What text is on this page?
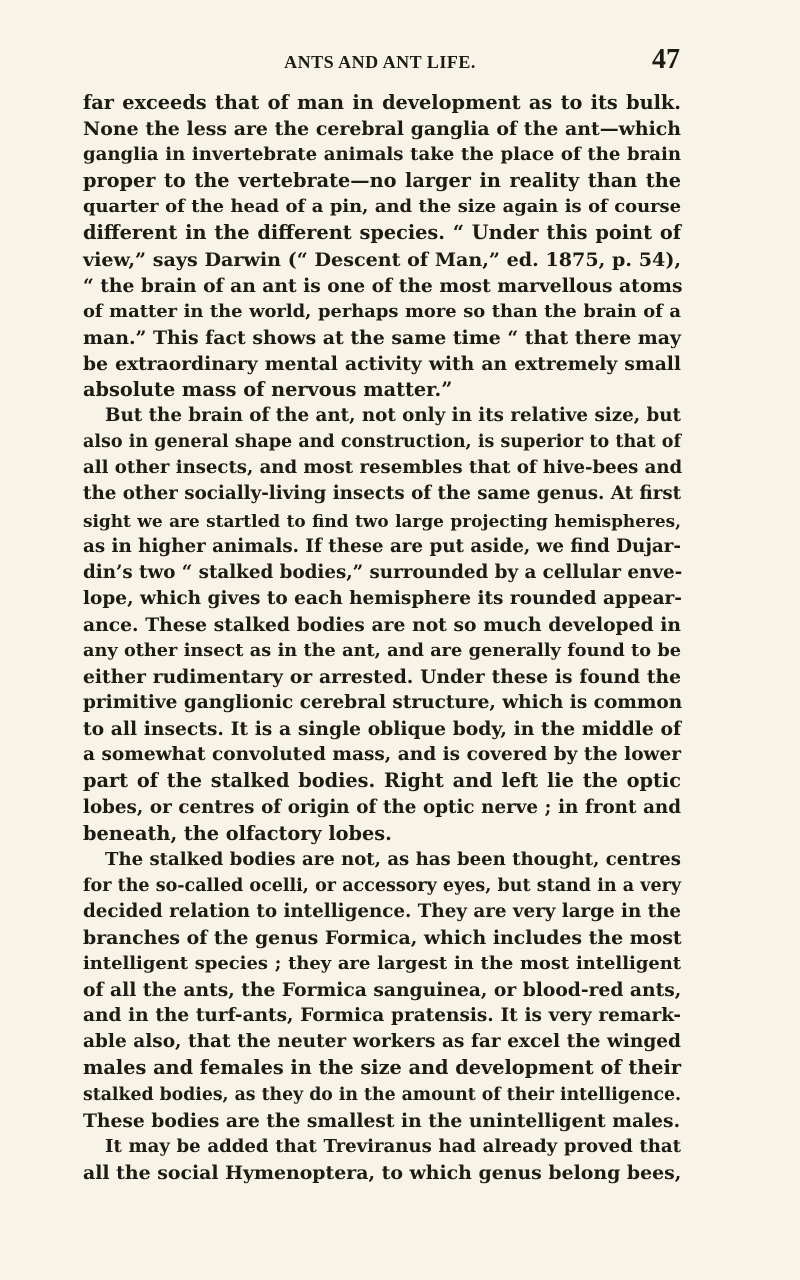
ANTS AND ANT LIFE.	47
far exceeds that of man in development as to its bulk.
None the less are the cerebral ganglia of the ant—which
ganglia in invertebrate animals take the place of the brain
proper to the vertebrate—no larger in reality than the
quarter of the head of a pin, and the size again is of course
different in the different species. “ Under this point of
view,” says Darwin (“ Descent of Man,” ed. 1875, p. 54),
“ the brain of an ant is one of the most marvellous atoms
of matter in the world, perhaps more so than the brain of a
man.” This fact shows at the same time “ that there may
be extraordinary mental activity with an extremely small
absolute mass of nervous matter.”
But the brain of the ant, not only in its relative size, but
also in general shape and construction, is superior to that of
all other insects, and most resembles that of hive-bees and
the other socially-living insects of the same genus. At first
sight we are startled to find two large projecting hemispheres,
as in higher animals. If these are put aside, we find Dujar-
din’s two “ stalked bodies,” surrounded by a cellular enve-
lope, which gives to each hemisphere its rounded appear-
ance. These stalked bodies are not so much developed in
any other insect as in the ant, and are generally found to be
either rudimentary or arrested. Under these is found the
primitive ganglionic cerebral structure, which is common
to all insects. It is a single oblique body, in the middle of
a somewhat convoluted mass, and is covered by the lower
part of the stalked bodies. Right and left lie the optic
lobes, or centres of origin of the optic nerve ; in front and
beneath, the olfactory lobes.
The stalked bodies are not, as has been thought, centres
for the so-called ocelli, or accessory eyes, but stand in a very
decided relation to intelligence. They are very large in the
branches of the genus Formica, which includes the most
intelligent species ; they are largest in the most intelligent
of all the ants, the Formica sanguinea, or blood-red ants,
and in the turf-ants, Formica pratensis. It is very remark-
able also, that the neuter workers as far excel the winged
males and females in the size and development of their
stalked bodies, as they do in the amount of their intelligence.
These bodies are the smallest in the unintelligent males.
It may be added that Treviranus had already proved that
all the social Hymenoptera, to which genus belong bees,
